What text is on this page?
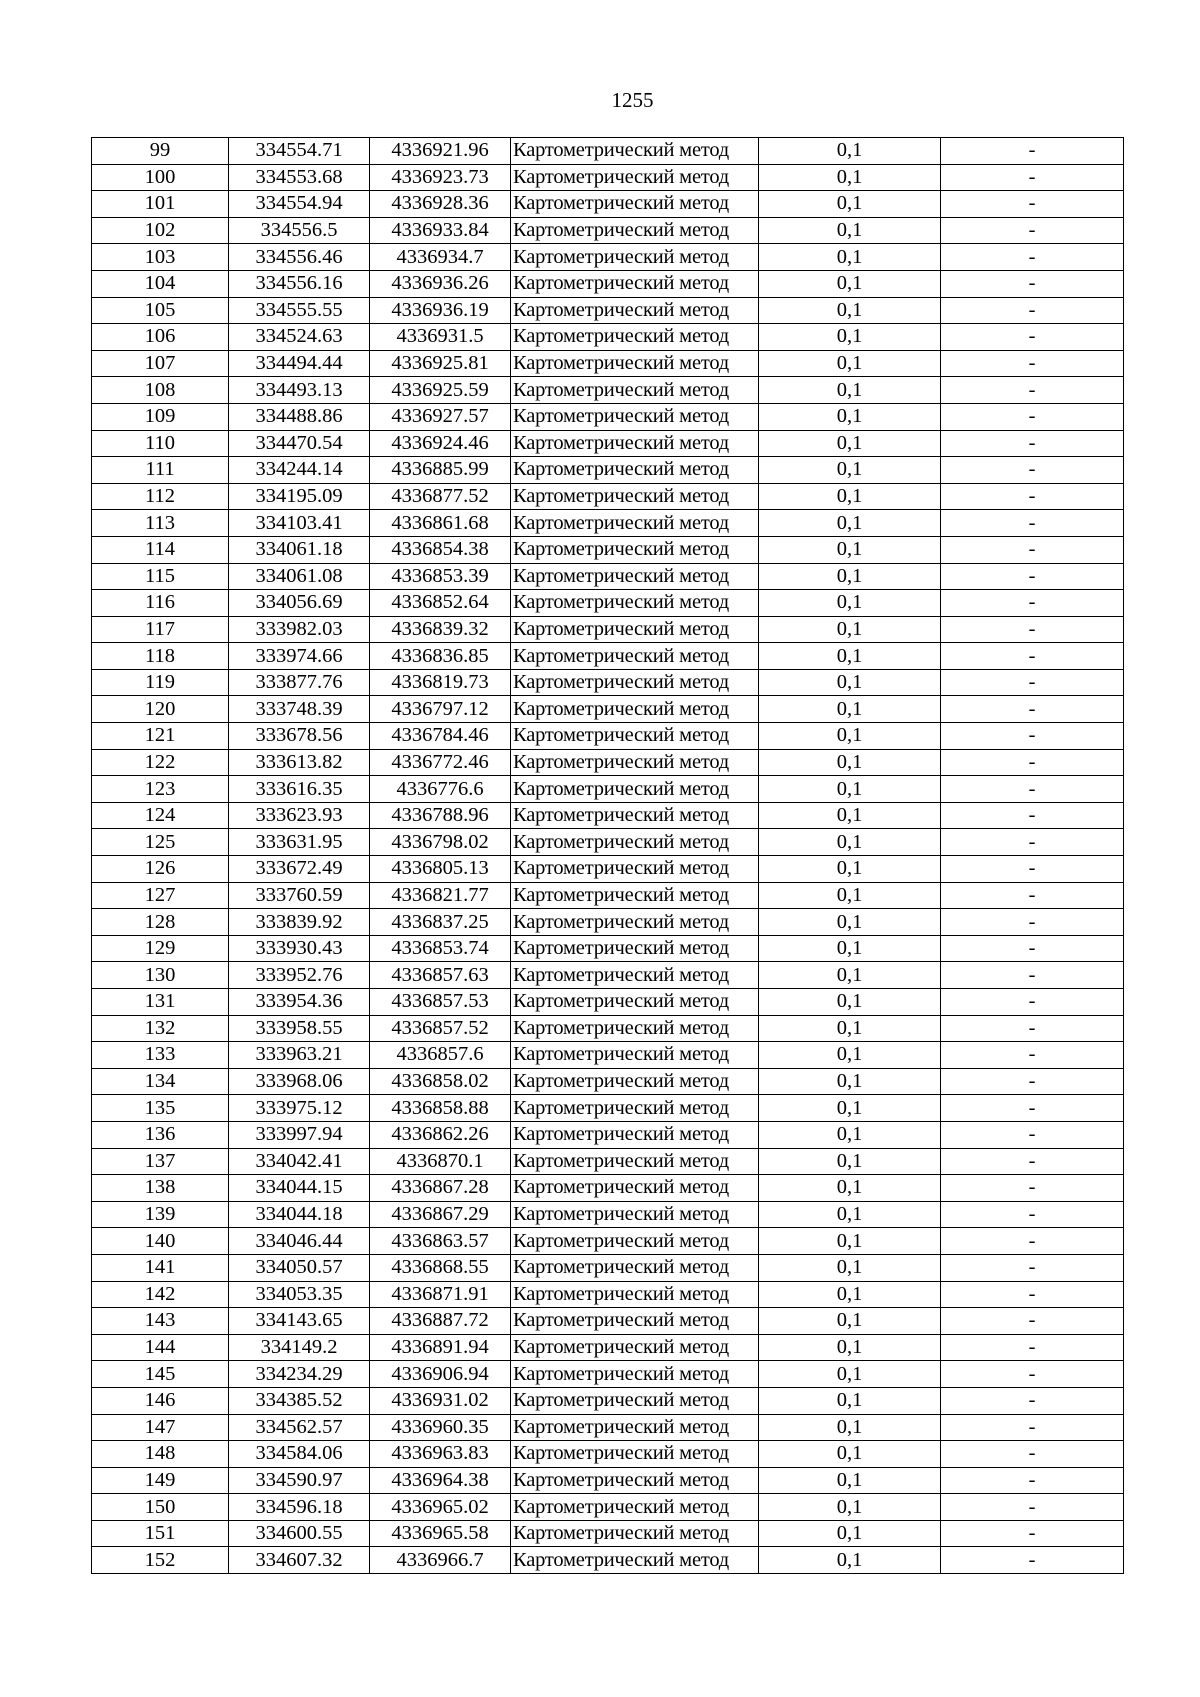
1255
99	334554.71	4336921.96	Картометрический метод	0,1	-
100	334553.68	4336923.73	Картометрический метод	0,1	-
101	334554.94	4336928.36	Картометрический метод	0,1	-
102	334556.5	4336933.84	Картометрический метод	0,1	-
103	334556.46	4336934.7	Картометрический метод	0,1	-
104	334556.16	4336936.26	Картометрический метод	0,1	-
105	334555.55	4336936.19	Картометрический метод	0,1	-
106	334524.63	4336931.5	Картометрический метод	0,1	-
107	334494.44	4336925.81	Картометрический метод	0,1	-
108	334493.13	4336925.59	Картометрический метод	0,1	-
109	334488.86	4336927.57	Картометрический метод	0,1	-
110	334470.54	4336924.46	Картометрический метод	0,1	-
111	334244.14	4336885.99	Картометрический метод	0,1	-
112	334195.09	4336877.52	Картометрический метод	0,1	-
113	334103.41	4336861.68	Картометрический метод	0,1	-
114	334061.18	4336854.38	Картометрический метод	0,1	-
115	334061.08	4336853.39	Картометрический метод	0,1	-
116	334056.69	4336852.64	Картометрический метод	0,1	-
117	333982.03	4336839.32	Картометрический метод	0,1	-
118	333974.66	4336836.85	Картометрический метод	0,1	-
119	333877.76	4336819.73	Картометрический метод	0,1	-
120	333748.39	4336797.12	Картометрический метод	0,1	-
121	333678.56	4336784.46	Картометрический метод	0,1	-
122	333613.82	4336772.46	Картометрический метод	0,1	-
123	333616.35	4336776.6	Картометрический метод	0,1	-
124	333623.93	4336788.96	Картометрический метод	0,1	-
125	333631.95	4336798.02	Картометрический метод	0,1	-
126	333672.49	4336805.13	Картометрический метод	0,1	-
127	333760.59	4336821.77	Картометрический метод	0,1	-
128	333839.92	4336837.25	Картометрический метод	0,1	-
129	333930.43	4336853.74	Картометрический метод	0,1	-
130	333952.76	4336857.63	Картометрический метод	0,1	-
131	333954.36	4336857.53	Картометрический метод	0,1	-
132	333958.55	4336857.52	Картометрический метод	0,1	-
133	333963.21	4336857.6	Картометрический метод	0,1	-
134	333968.06	4336858.02	Картометрический метод	0,1	-
135	333975.12	4336858.88	Картометрический метод	0,1	-
136	333997.94	4336862.26	Картометрический метод	0,1	-
137	334042.41	4336870.1	Картометрический метод	0,1	-
138	334044.15	4336867.28	Картометрический метод	0,1	-
139	334044.18	4336867.29	Картометрический метод	0,1	-
140	334046.44	4336863.57	Картометрический метод	0,1	-
141	334050.57	4336868.55	Картометрический метод	0,1	-
142	334053.35	4336871.91	Картометрический метод	0,1	-
143	334143.65	4336887.72	Картометрический метод	0,1	-
144	334149.2	4336891.94	Картометрический метод	0,1	-
145	334234.29	4336906.94	Картометрический метод	0,1	-
146	334385.52	4336931.02	Картометрический метод	0,1	-
147	334562.57	4336960.35	Картометрический метод	0,1	-
148	334584.06	4336963.83	Картометрический метод	0,1	-
149	334590.97	4336964.38	Картометрический метод	0,1	-
150	334596.18	4336965.02	Картометрический метод	0,1	-
151	334600.55	4336965.58	Картометрический метод	0,1	-
152	334607.32	4336966.7	Картометрический метод	0,1	-
